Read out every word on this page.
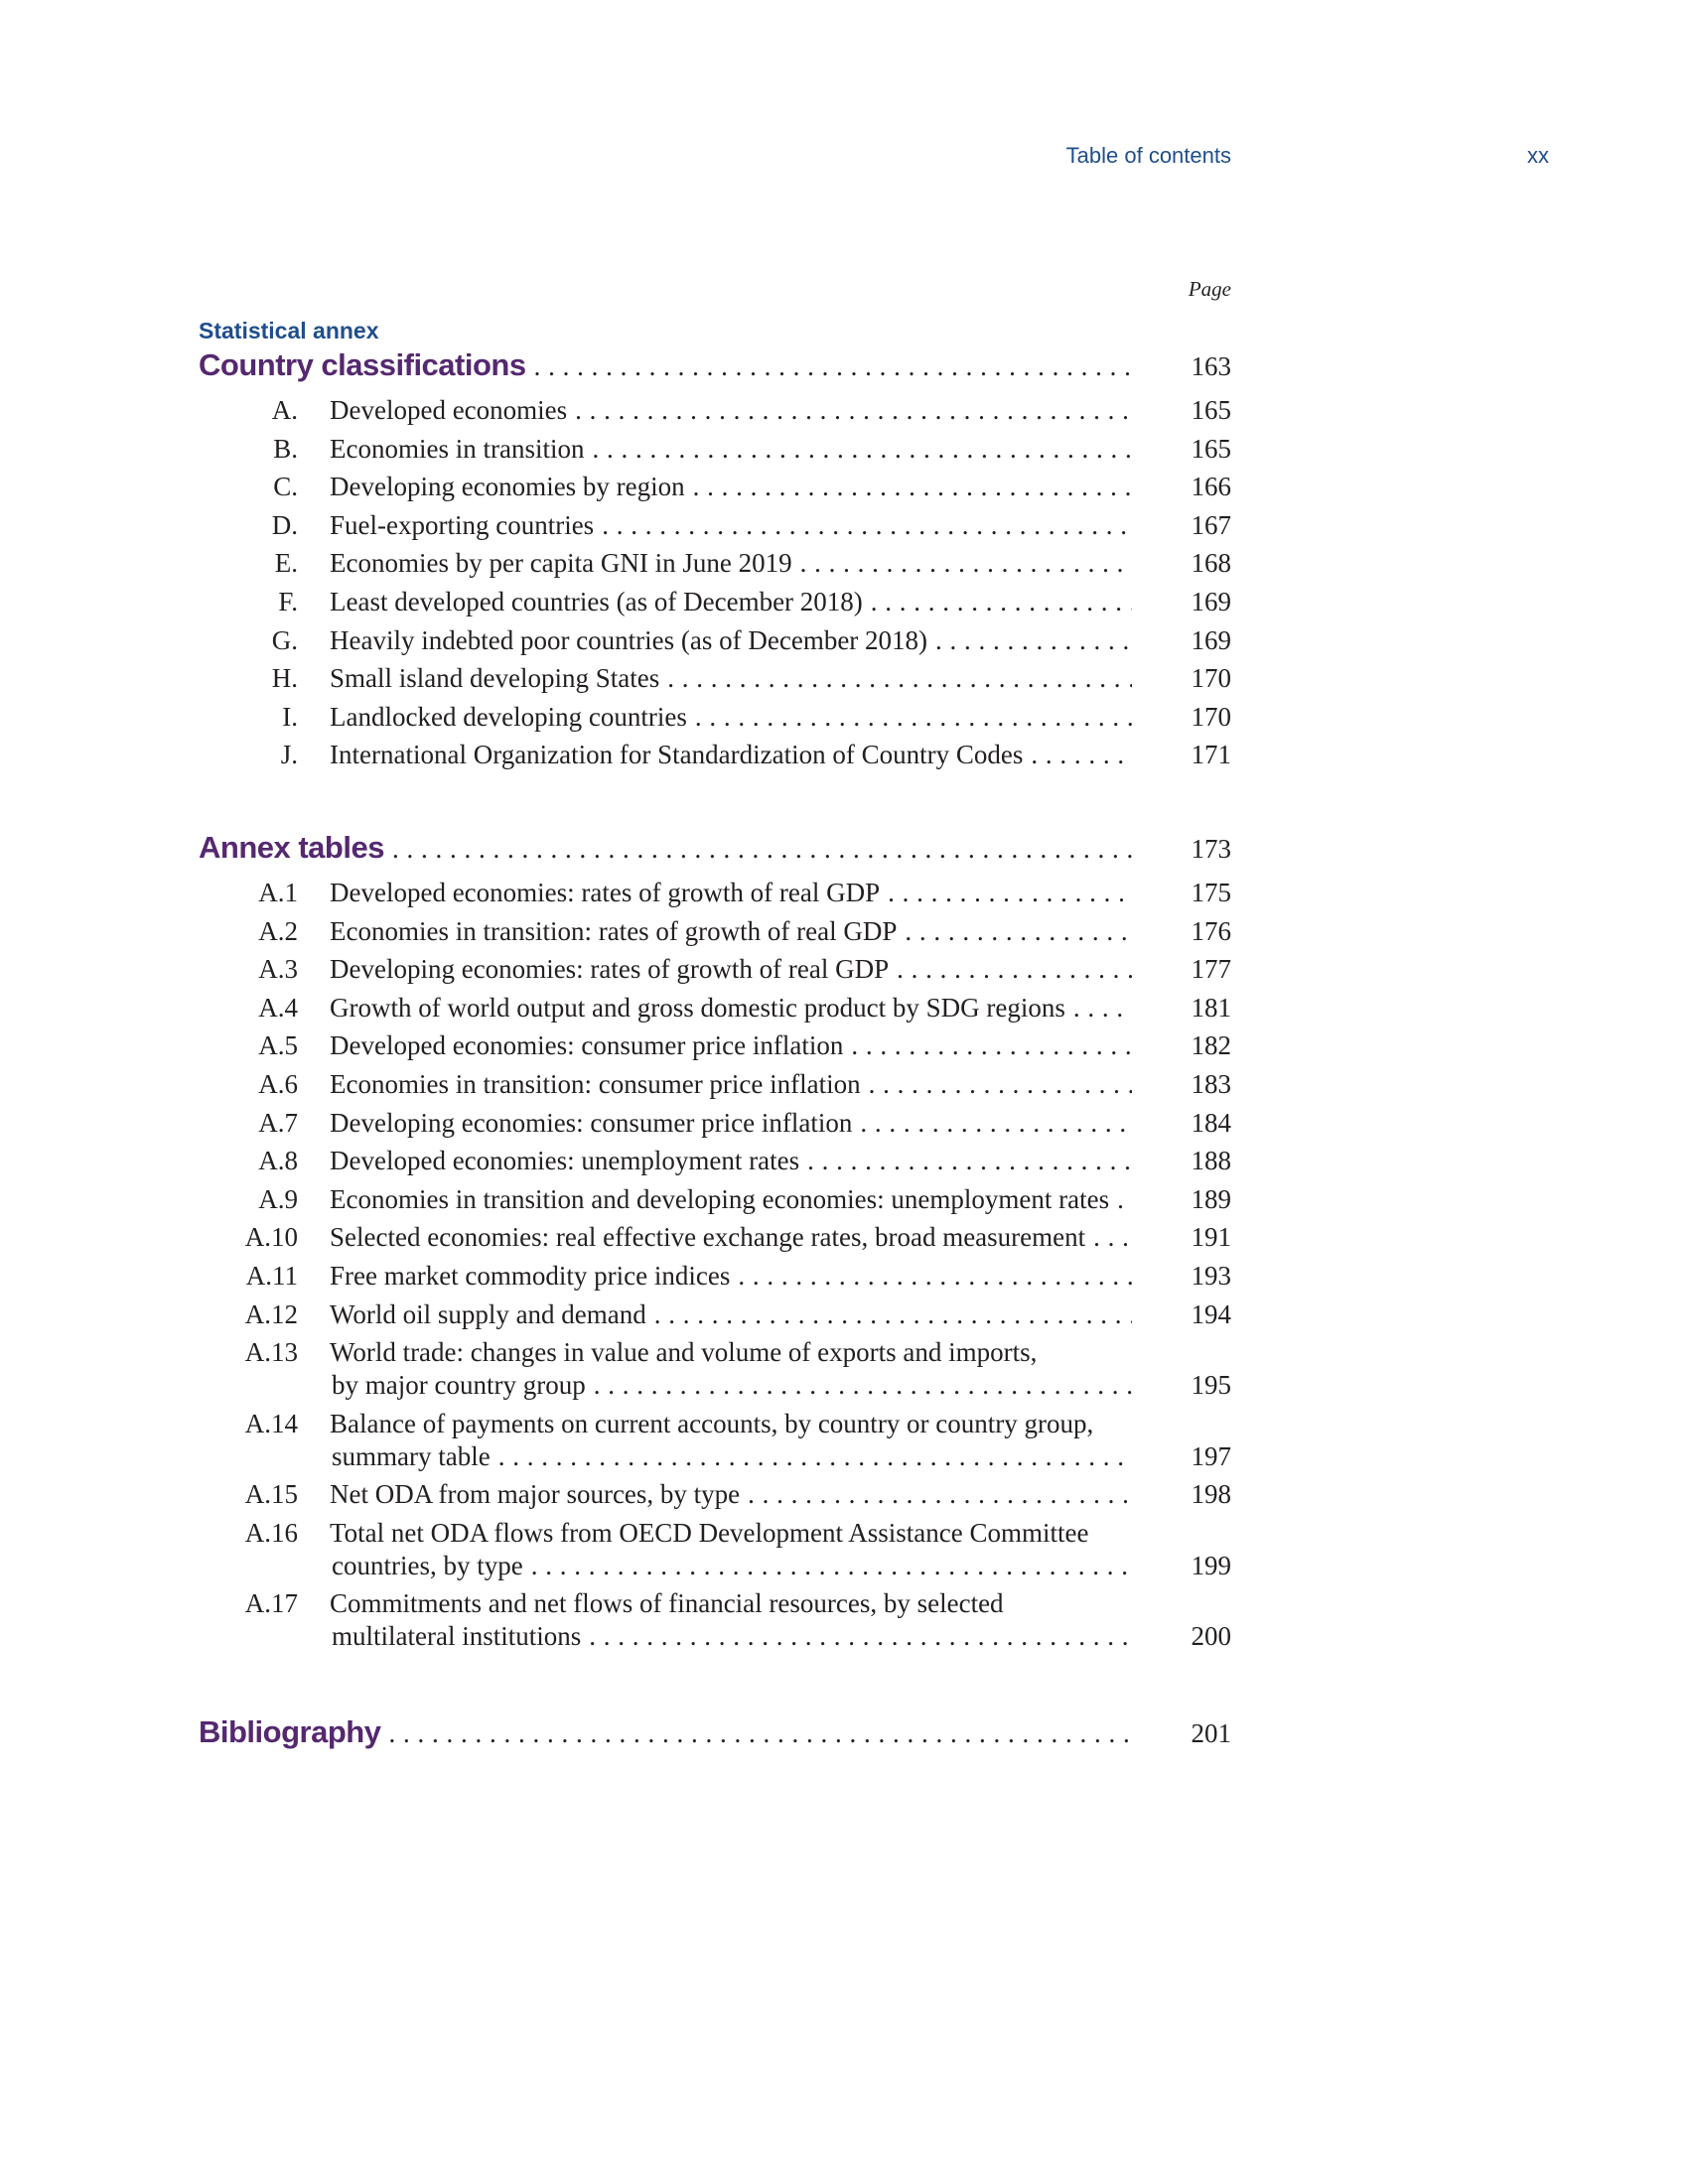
Table of contents	xx
Page
Statistical annex
Country classifications . . .	163
A. Developed economies . . .	165
B. Economies in transition . . .	165
C. Developing economies by region . . .	166
D. Fuel-exporting countries . . .	167
E. Economies by per capita GNI in June 2019 . . .	168
F. Least developed countries (as of December 2018) . . .	169
G. Heavily indebted poor countries (as of December 2018) . . .	169
H. Small island developing States . . .	170
I. Landlocked developing countries . . .	170
J. International Organization for Standardization of Country Codes . . .	171
Annex tables . . .	173
A.1 Developed economies: rates of growth of real GDP . . .	175
A.2 Economies in transition: rates of growth of real GDP . . .	176
A.3 Developing economies: rates of growth of real GDP . . .	177
A.4 Growth of world output and gross domestic product by SDG regions . . .	181
A.5 Developed economies: consumer price inflation . . .	182
A.6 Economies in transition: consumer price inflation . . .	183
A.7 Developing economies: consumer price inflation . . .	184
A.8 Developed economies: unemployment rates . . .	188
A.9 Economies in transition and developing economies: unemployment rates . . .	189
A.10 Selected economies: real effective exchange rates, broad measurement . . .	191
A.11 Free market commodity price indices . . .	193
A.12 World oil supply and demand . . .	194
A.13 World trade: changes in value and volume of exports and imports,
by major country group . . .	195
A.14 Balance of payments on current accounts, by country or country group,
summary table . . .	197
A.15 Net ODA from major sources, by type . . .	198
A.16 Total net ODA flows from OECD Development Assistance Committee
countries, by type . . .	199
A.17 Commitments and net flows of financial resources, by selected
multilateral institutions . . .	200
Bibliography . . .	201
